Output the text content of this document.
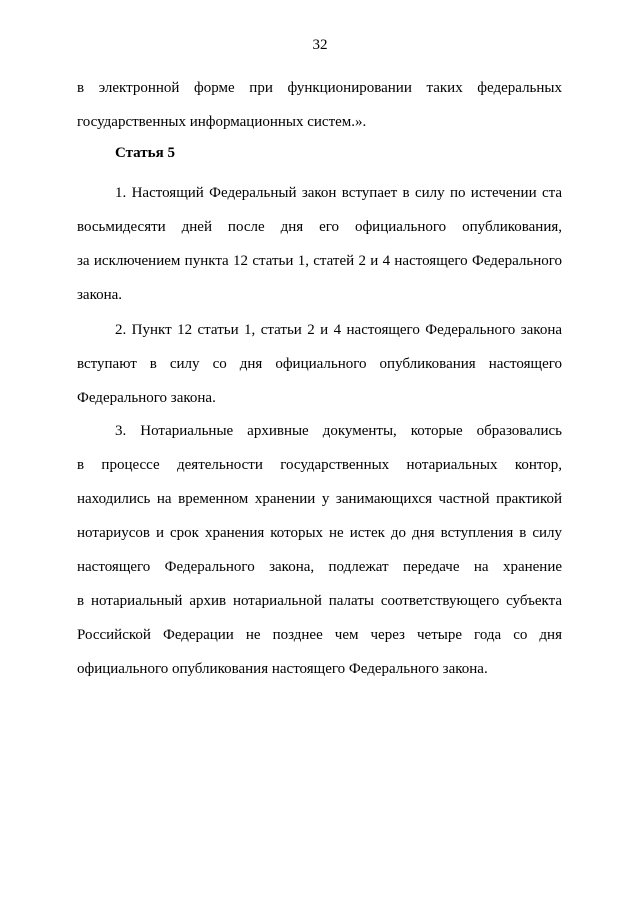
32
в электронной форме при функционировании таких федеральных
государственных информационных систем.».
Статья 5
1. Настоящий Федеральный закон вступает в силу по истечении ста
восьмидесяти дней после дня его официального опубликования,
за исключением пункта 12 статьи 1, статей 2 и 4 настоящего Федерального
закона.
2. Пункт 12 статьи 1, статьи 2 и 4 настоящего Федерального закона
вступают в силу со дня официального опубликования настоящего
Федерального закона.
3. Нотариальные архивные документы, которые образовались
в процессе деятельности государственных нотариальных контор,
находились на временном хранении у занимающихся частной практикой
нотариусов и срок хранения которых не истек до дня вступления в силу
настоящего Федерального закона, подлежат передаче на хранение
в нотариальный архив нотариальной палаты соответствующего субъекта
Российской Федерации не позднее чем через четыре года со дня
официального опубликования настоящего Федерального закона.
